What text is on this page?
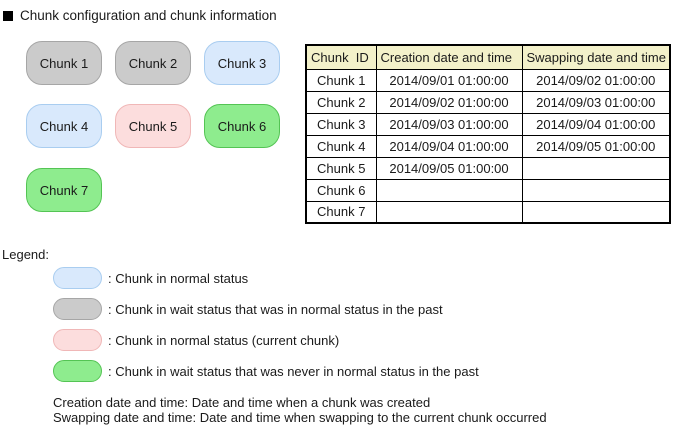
Chunk configuration and chunk information
Chunk 1	Chunk 2	Chunk 3
Chunk 4	Chunk 5	Chunk 6
Chunk 7
Chunk  ID	Creation date and time	Swapping date and time
Chunk 1	2014/09/01 01:00:00	2014/09/02 01:00:00
Chunk 2	2014/09/02 01:00:00	2014/09/03 01:00:00
Chunk 3	2014/09/03 01:00:00	2014/09/04 01:00:00
Chunk 4	2014/09/04 01:00:00	2014/09/05 01:00:00
Chunk 5	2014/09/05 01:00:00	
Chunk 6		
Chunk 7		
Legend:
: Chunk in normal status
: Chunk in wait status that was in normal status in the past
: Chunk in normal status (current chunk)
: Chunk in wait status that was never in normal status in the past
Creation date and time: Date and time when a chunk was created
Swapping date and time: Date and time when swapping to the current chunk occurred
